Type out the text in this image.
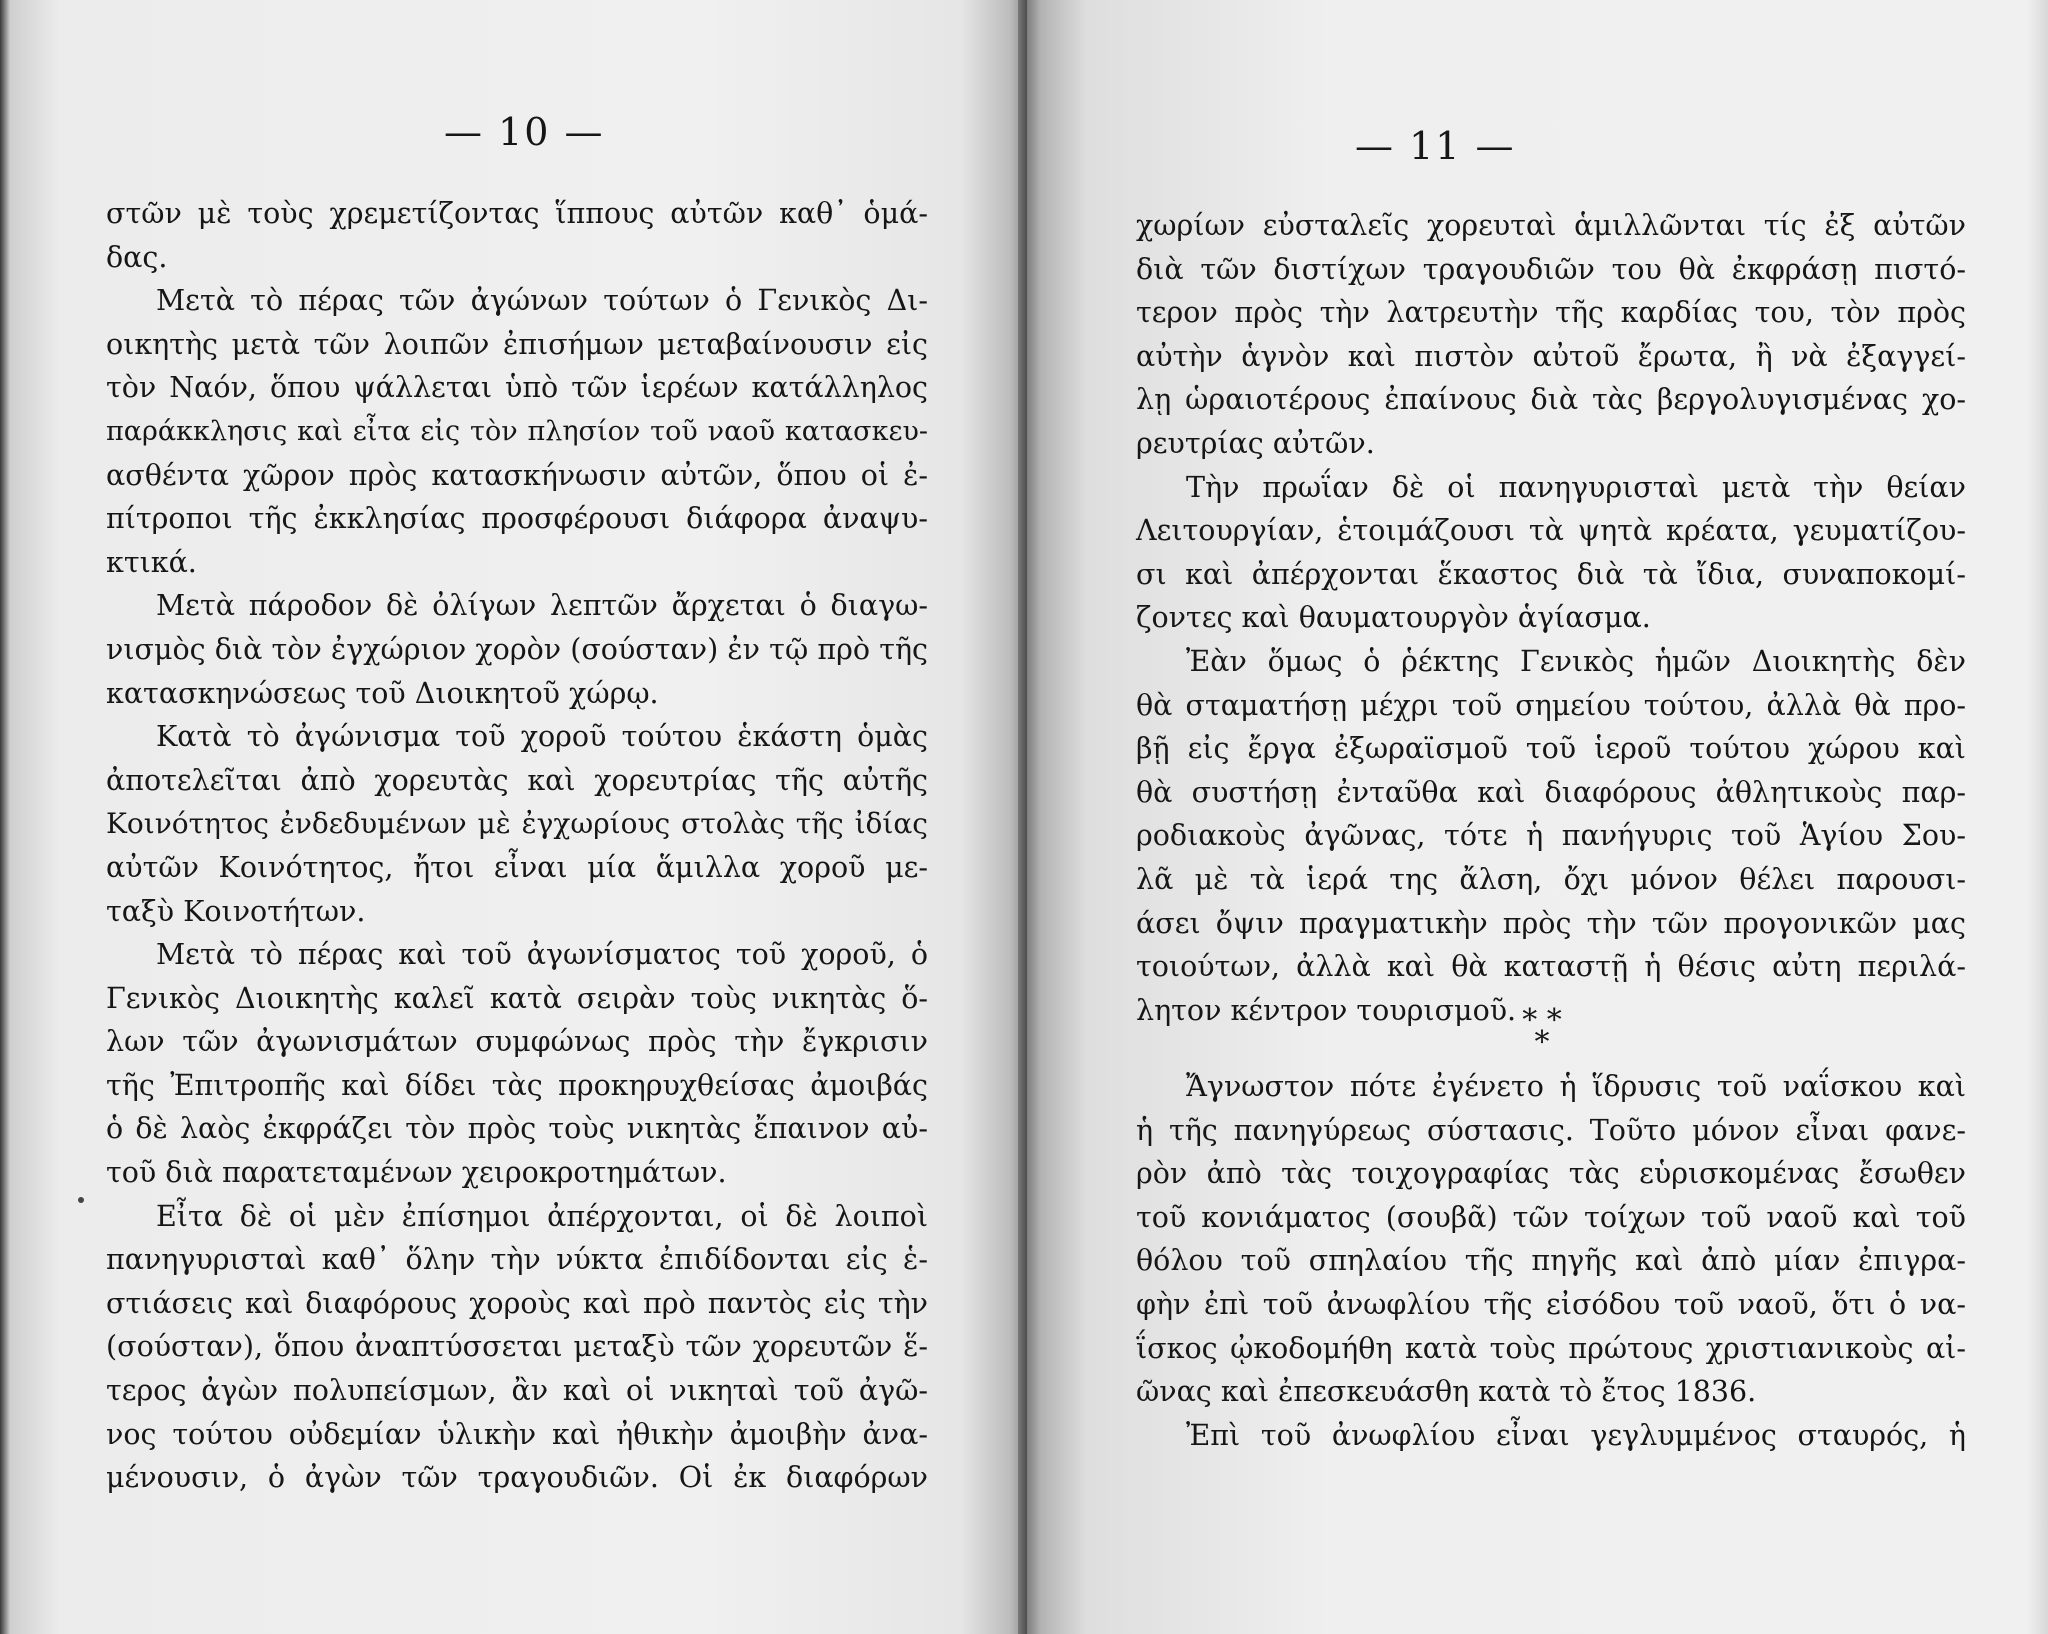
— 10 —
στῶν μὲ τοὺς χρεμετίζοντας ἵππους αὐτῶν καθ᾿ ὁμά-
δας.
Μετὰ τὸ πέρας τῶν ἀγώνων τούτων ὁ Γενικὸς Δι-
οικητὴς μετὰ τῶν λοιπῶν ἐπισήμων μεταβαίνουσιν εἰς
τὸν Ναόν, ὅπου ψάλλεται ὑπὸ τῶν ἱερέων κατάλληλος
παράκκλησις καὶ εἶτα εἰς τὸν πλησίον τοῦ ναοῦ κατασκευ-
ασθέντα χῶρον πρὸς κατασκήνωσιν αὐτῶν, ὅπου οἱ ἐ-
πίτροποι τῆς ἐκκλησίας προσφέρουσι διάφορα ἀναψυ-
κτικά.
Μετὰ πάροδον δὲ ὀλίγων λεπτῶν ἄρχεται ὁ διαγω-
νισμὸς διὰ τὸν ἐγχώριον χορὸν (σούσταν) ἐν τῷ πρὸ τῆς
κατασκηνώσεως τοῦ Διοικητοῦ χώρῳ.
Κατὰ τὸ ἀγώνισμα τοῦ χοροῦ τούτου ἑκάστη ὁμὰς
ἀποτελεῖται ἀπὸ χορευτὰς καὶ χορευτρίας τῆς αὐτῆς
Κοινότητος ἐνδεδυμένων μὲ ἐγχωρίους στολὰς τῆς ἰδίας
αὐτῶν Κοινότητος, ἤτοι εἶναι μία ἅμιλλα χοροῦ με-
ταξὺ Κοινοτήτων.
Μετὰ τὸ πέρας καὶ τοῦ ἀγωνίσματος τοῦ χοροῦ, ὁ
Γενικὸς Διοικητὴς καλεῖ κατὰ σειρὰν τοὺς νικητὰς ὅ-
λων τῶν ἀγωνισμάτων συμφώνως πρὸς τὴν ἔγκρισιν
τῆς Ἐπιτροπῆς καὶ δίδει τὰς προκηρυχθείσας ἀμοιβάς
ὁ δὲ λαὸς ἐκφράζει τὸν πρὸς τοὺς νικητὰς ἔπαινον αὐ-
τοῦ διὰ παρατεταμένων χειροκροτημάτων.
Εἶτα δὲ οἱ μὲν ἐπίσημοι ἀπέρχονται, οἱ δὲ λοιποὶ
πανηγυρισταὶ καθ᾿ ὅλην τὴν νύκτα ἐπιδίδονται εἰς ἑ-
στιάσεις καὶ διαφόρους χοροὺς καὶ πρὸ παντὸς εἰς τὴν
(σούσταν), ὅπου ἀναπτύσσεται μεταξὺ τῶν χορευτῶν ἕ-
τερος ἀγὼν πολυπείσμων, ἂν καὶ οἱ νικηταὶ τοῦ ἀγῶ-
νος τούτου οὐδεμίαν ὑλικὴν καὶ ἠθικὴν ἀμοιβὴν ἀνα-
μένουσιν, ὁ ἀγὼν τῶν τραγουδιῶν. Οἱ ἐκ διαφόρων
— 11 —
χωρίων εὐσταλεῖς χορευταὶ ἁμιλλῶνται τίς ἐξ αὐτῶν
διὰ τῶν διστίχων τραγουδιῶν του θὰ ἐκφράσῃ πιστό-
τερον πρὸς τὴν λατρευτὴν τῆς καρδίας του, τὸν πρὸς
αὐτὴν ἁγνὸν καὶ πιστὸν αὐτοῦ ἔρωτα, ἢ νὰ ἐξαγγεί-
λῃ ὡραιοτέρους ἐπαίνους διὰ τὰς βεργολυγισμένας χο-
ρευτρίας αὐτῶν.
Τὴν πρωΐαν δὲ οἱ πανηγυρισταὶ μετὰ τὴν θείαν
Λειτουργίαν, ἑτοιμάζουσι τὰ ψητὰ κρέατα, γευματίζου-
σι καὶ ἀπέρχονται ἕκαστος διὰ τὰ ἴδια, συναποκομί-
ζοντες καὶ θαυματουργὸν ἁγίασμα.
Ἐὰν ὅμως ὁ ῥέκτης Γενικὸς ἡμῶν Διοικητὴς δὲν
θὰ σταματήσῃ μέχρι τοῦ σημείου τούτου, ἀλλὰ θὰ προ-
βῇ εἰς ἔργα ἐξωραϊσμοῦ τοῦ ἱεροῦ τούτου χώρου καὶ
θὰ συστήσῃ ἐνταῦθα καὶ διαφόρους ἀθλητικοὺς παρ-
ροδιακοὺς ἀγῶνας, τότε ἡ πανήγυρις τοῦ Ἁγίου Σου-
λᾶ μὲ τὰ ἱερά της ἄλση, ὄχι μόνον θέλει παρουσι-
άσει ὄψιν πραγματικὴν πρὸς τὴν τῶν προγονικῶν μας
τοιούτων, ἀλλὰ καὶ θὰ καταστῇ ἡ θέσις αὐτη περιλά-
λητον κέντρον τουρισμοῦ. * * *
Ἄγνωστον πότε ἐγένετο ἡ ἵδρυσις τοῦ ναΐσκου καὶ
ἡ τῆς πανηγύρεως σύστασις. Τοῦτο μόνον εἶναι φανε-
ρὸν ἀπὸ τὰς τοιχογραφίας τὰς εὑρισκομένας ἔσωθεν
τοῦ κονιάματος (σουβᾶ) τῶν τοίχων τοῦ ναοῦ καὶ τοῦ
θόλου τοῦ σπηλαίου τῆς πηγῆς καὶ ἀπὸ μίαν ἐπιγρα-
φὴν ἐπὶ τοῦ ἀνωφλίου τῆς εἰσόδου τοῦ ναοῦ, ὅτι ὁ να-
ΐσκος ᾠκοδομήθη κατὰ τοὺς πρώτους χριστιανικοὺς αἰ-
ῶνας καὶ ἐπεσκευάσθη κατὰ τὸ ἔτος 1836.
Ἐπὶ τοῦ ἀνωφλίου εἶναι γεγλυμμένος σταυρός, ἡ
